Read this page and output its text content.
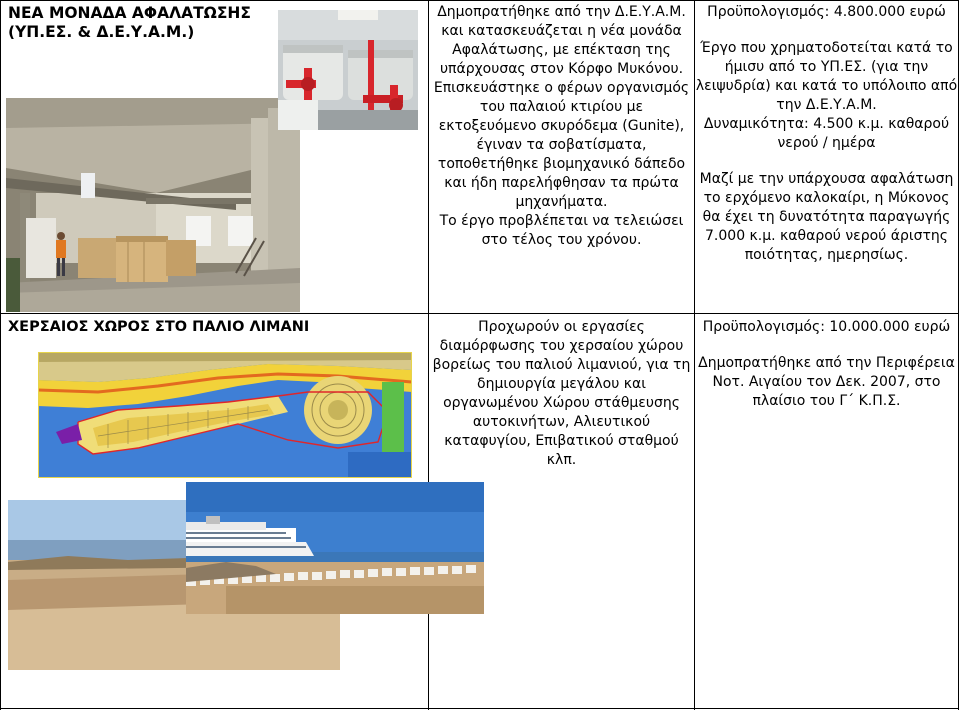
ΝΕΑ ΜΟΝΑΔΑ ΑΦΑΛΑΤΩΣΗΣ
(ΥΠ.ΕΣ. & Δ.Ε.Υ.Α.Μ.)

Δημοπρατήθηκε από την Δ.Ε.Υ.Α.Μ.

και κατασκευάζεται η νέα μονάδα

Αφαλάτωσης, με επέκταση της

υπάρχουσας στον Κόρφο Μυκόνου.

Επισκευάστηκε ο φέρων οργανισμός

του παλαιού κτιρίου με

εκτοξευόμενο σκυρόδεμα (Gunite),

έγιναν τα σοβατίσματα,

τοποθετήθηκε βιομηχανικό δάπεδο

και ήδη παρελήφθησαν τα πρώτα

μηχανήματα.

Το έργο προβλέπεται να τελειώσει

στο τέλος του χρόνου.

Προϋπολογισμός: 4.800.000 ευρώ

Έργο που χρηματοδοτείται κατά το

ήμισυ από το ΥΠ.ΕΣ. (για την

λειψυδρία) και κατά το υπόλοιπο από

την Δ.Ε.Υ.Α.Μ.

Δυναμικότητα: 4.500 κ.μ. καθαρού

νερού / ημέρα

Μαζί με την υπάρχουσα αφαλάτωση

το ερχόμενο καλοκαίρι, η Μύκονος

θα έχει τη δυνατότητα παραγωγής

7.000 κ.μ. καθαρού νερού άριστης

ποιότητας, ημερησίως.

ΧΕΡΣΑΙΟΣ ΧΩΡΟΣ ΣΤΟ ΠΑΛΙΟ ΛΙΜΑΝΙ	Προχωρούν οι εργασίες

διαμόρφωσης του χερσαίου χώρου

βορείως του παλιού λιμανιού, για τη

δημιουργία μεγάλου και

οργανωμένου Χώρου στάθμευσης

αυτοκινήτων, Αλιευτικού

καταφυγίου, Επιβατικού σταθμού

κλπ.

Προϋπολογισμός: 10.000.000 ευρώ

Δημοπρατήθηκε από την Περιφέρεια

Νοτ. Αιγαίου τον Δεκ. 2007, στο

πλαίσιο του Γ΄ Κ.Π.Σ.
